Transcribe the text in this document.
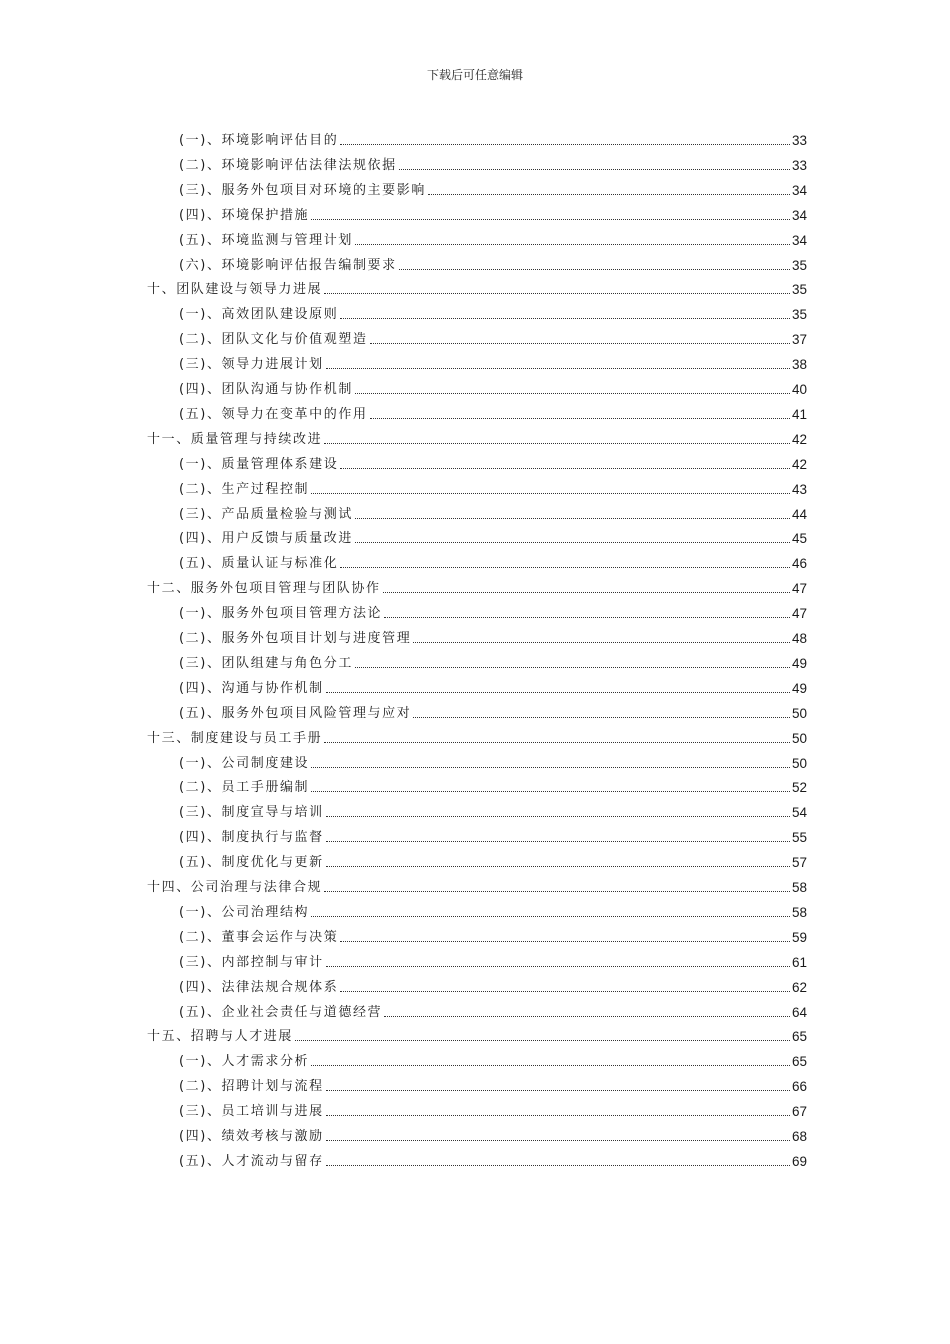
下载后可任意编辑
(一)、环境影响评估目的	33
(二)、环境影响评估法律法规依据	33
(三)、服务外包项目对环境的主要影响	34
(四)、环境保护措施	34
(五)、环境监测与管理计划	34
(六)、环境影响评估报告编制要求	35
十、团队建设与领导力进展	35
(一)、高效团队建设原则	35
(二)、团队文化与价值观塑造	37
(三)、领导力进展计划	38
(四)、团队沟通与协作机制	40
(五)、领导力在变革中的作用	41
十一、质量管理与持续改进	42
(一)、质量管理体系建设	42
(二)、生产过程控制	43
(三)、产品质量检验与测试	44
(四)、用户反馈与质量改进	45
(五)、质量认证与标准化	46
十二、服务外包项目管理与团队协作	47
(一)、服务外包项目管理方法论	47
(二)、服务外包项目计划与进度管理	48
(三)、团队组建与角色分工	49
(四)、沟通与协作机制	49
(五)、服务外包项目风险管理与应对	50
十三、制度建设与员工手册	50
(一)、公司制度建设	50
(二)、员工手册编制	52
(三)、制度宣导与培训	54
(四)、制度执行与监督	55
(五)、制度优化与更新	57
十四、公司治理与法律合规	58
(一)、公司治理结构	58
(二)、董事会运作与决策	59
(三)、内部控制与审计	61
(四)、法律法规合规体系	62
(五)、企业社会责任与道德经营	64
十五、招聘与人才进展	65
(一)、人才需求分析	65
(二)、招聘计划与流程	66
(三)、员工培训与进展	67
(四)、绩效考核与激励	68
(五)、人才流动与留存	69
